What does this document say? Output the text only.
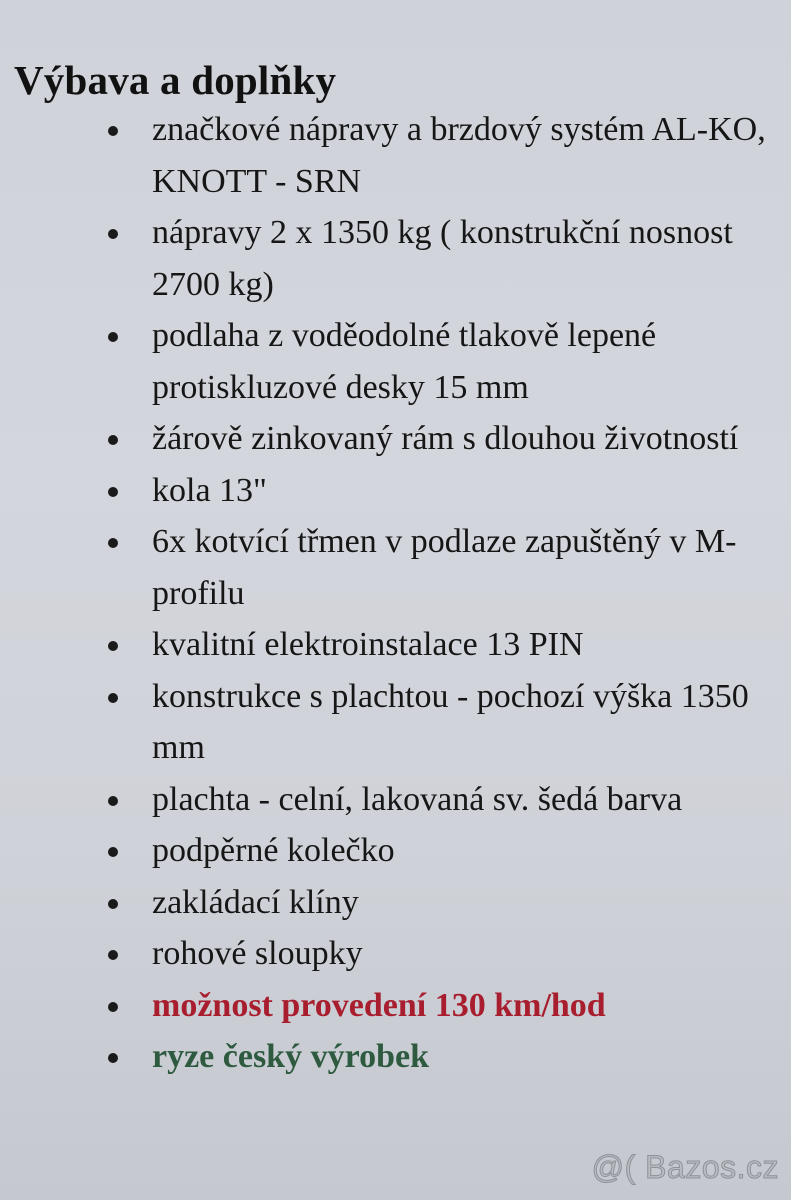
Výbava a doplňky
značkové nápravy a brzdový systém AL-KO, KNOTT - SRN
nápravy 2 x 1350 kg ( konstrukční nosnost 2700 kg)
podlaha z voděodolné tlakově lepené protiskluzové desky 15 mm
žárově zinkovaný rám s dlouhou životností
kola 13"
6x kotvící třmen v podlaze zapuštěný v M-profilu
kvalitní elektroinstalace 13 PIN
konstrukce s plachtou - pochozí výška 1350 mm
plachta - celní, lakovaná sv. šedá barva
podpěrné kolečko
zakládací klíny
rohové sloupky
možnost provedení 130 km/hod
ryze český výrobek
@( Bazos.cz
